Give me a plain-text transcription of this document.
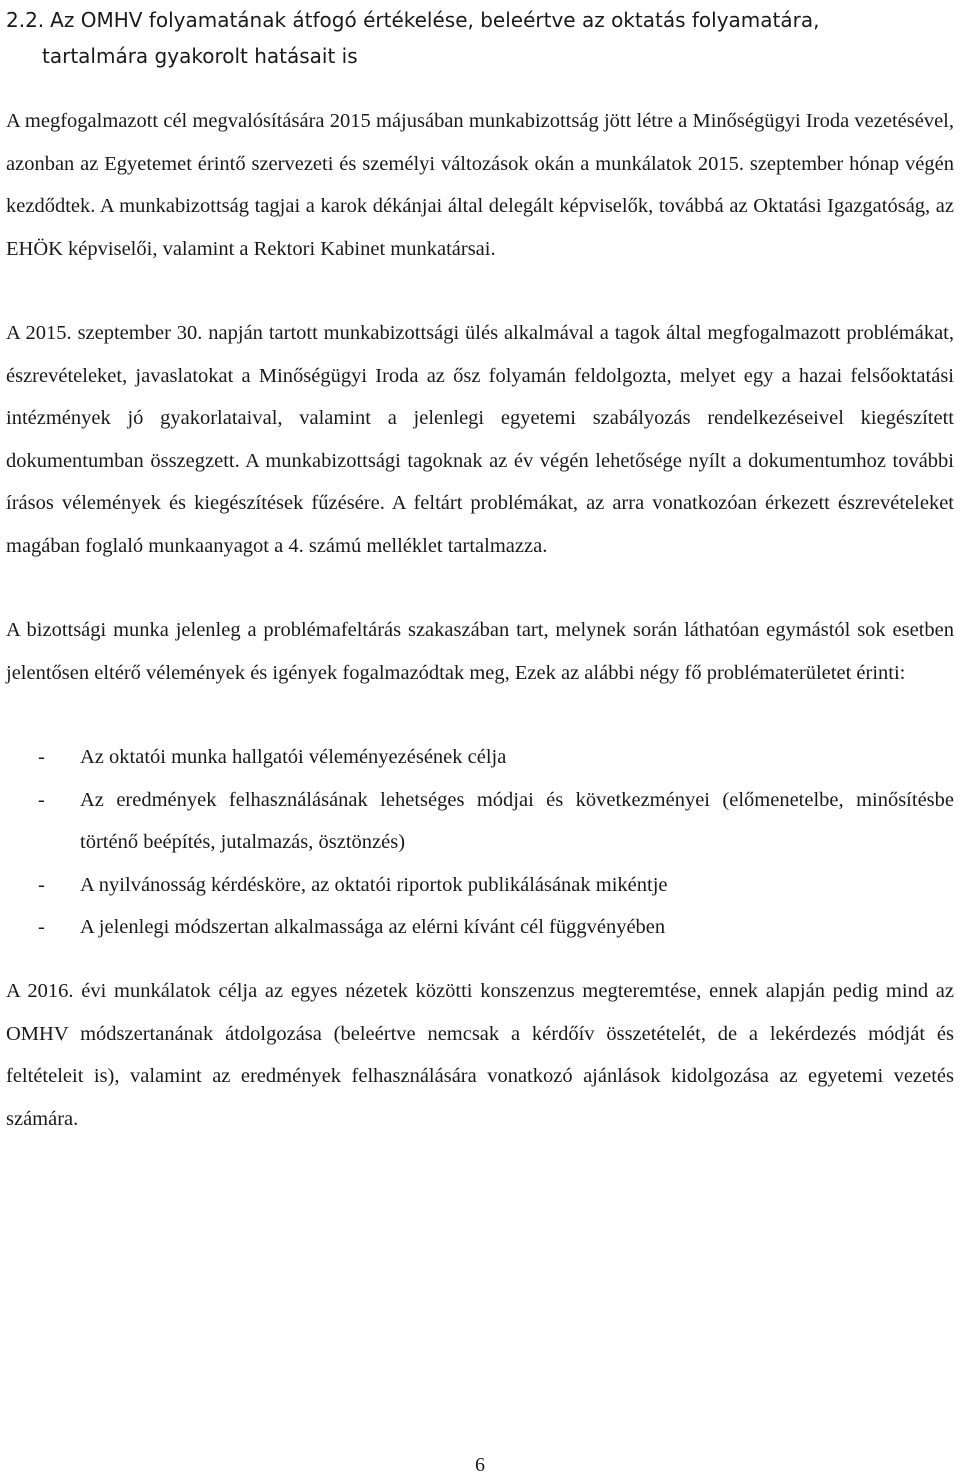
2.2. Az OMHV folyamatának átfogó értékelése, beleértve az oktatás folyamatára,
tartalmára gyakorolt hatásait is

A megfogalmazott cél megvalósítására 2015 májusában munkabizottság jött létre a Minőségügyi Iroda vezetésével, azonban az Egyetemet érintő szervezeti és személyi változások okán a munkálatok 2015. szeptember hónap végén kezdődtek. A munkabizottság tagjai a karok dékánjai által delegált képviselők, továbbá az Oktatási Igazgatóság, az EHÖK képviselői, valamint a Rektori Kabinet munkatársai.

A 2015. szeptember 30. napján tartott munkabizottsági ülés alkalmával a tagok által megfogalmazott problémákat, észrevételeket, javaslatokat a Minőségügyi Iroda az ősz folyamán feldolgozta, melyet egy a hazai felsőoktatási intézmények jó gyakorlataival, valamint a jelenlegi egyetemi szabályozás rendelkezéseivel kiegészített dokumentumban összegzett. A munkabizottsági tagoknak az év végén lehetősége nyílt a dokumentumhoz további írásos vélemények és kiegészítések fűzésére. A feltárt problémákat, az arra vonatkozóan érkezett észrevételeket magában foglaló munkaanyagot a 4. számú melléklet tartalmazza.

A bizottsági munka jelenleg a problémafeltárás szakaszában tart, melynek során láthatóan egymástól sok esetben jelentősen eltérő vélemények és igények fogalmazódtak meg, Ezek az alábbi négy fő problématerületet érinti:

- Az oktatói munka hallgatói véleményezésének célja
- Az eredmények felhasználásának lehetséges módjai és következményei (előmenetelbe, minősítésbe történő beépítés, jutalmazás, ösztönzés)
- A nyilvánosság kérdésköre, az oktatói riportok publikálásának mikéntje
- A jelenlegi módszertan alkalmassága az elérni kívánt cél függvényében

A 2016. évi munkálatok célja az egyes nézetek közötti konszenzus megteremtése, ennek alapján pedig mind az OMHV módszertanának átdolgozása (beleértve nemcsak a kérdőív összetételét, de a lekérdezés módját és feltételeit is), valamint az eredmények felhasználására vonatkozó ajánlások kidolgozása az egyetemi vezetés számára.

6
